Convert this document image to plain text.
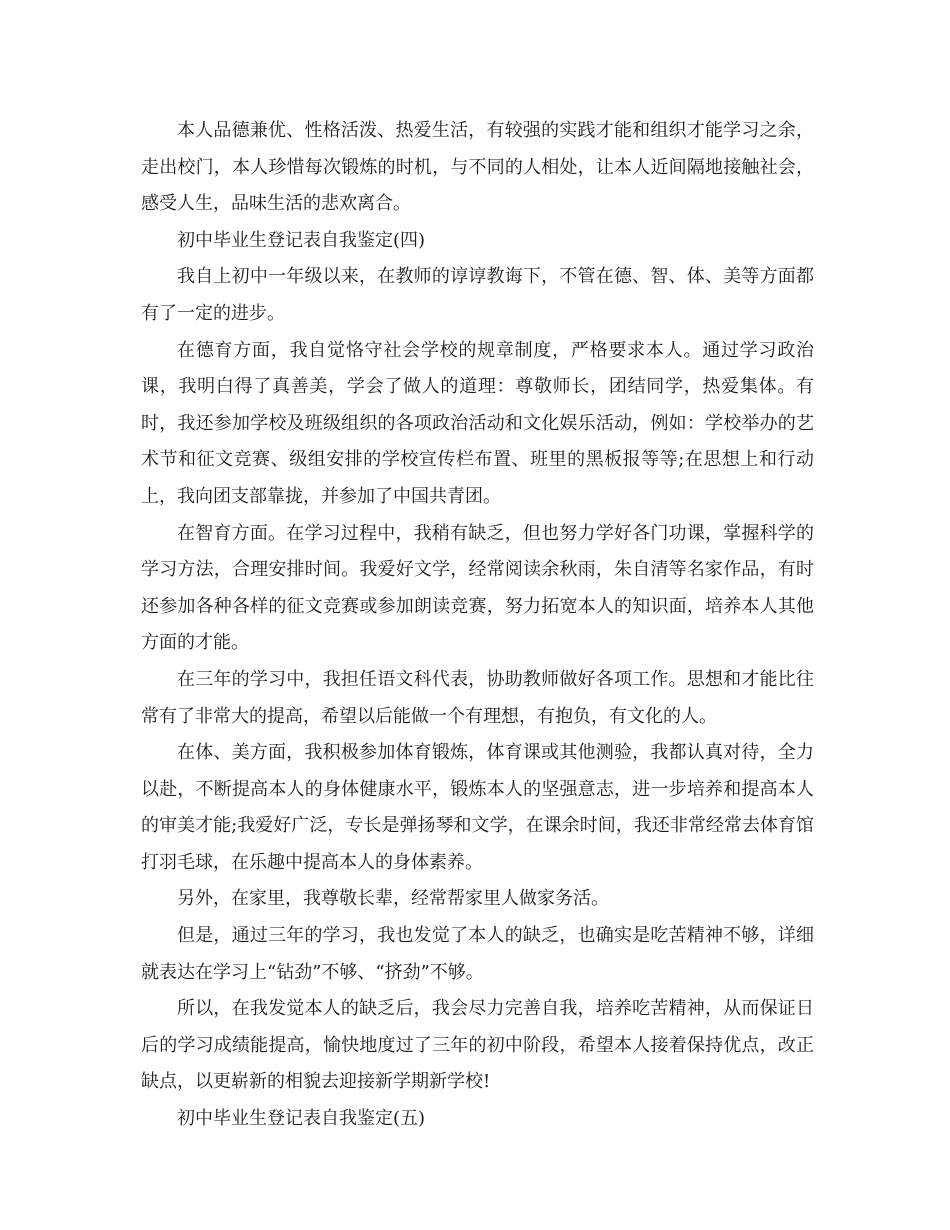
本人品德兼优、性格活泼、热爱生活，有较强的实践才能和组织才能学习之余，走出校门，本人珍惜每次锻炼的时机，与不同的人相处，让本人近间隔地接触社会，感受人生，品味生活的悲欢离合。

初中毕业生登记表自我鉴定(四)

我自上初中一年级以来，在教师的谆谆教诲下，不管在德、智、体、美等方面都有了一定的进步。

在德育方面，我自觉恪守社会学校的规章制度，严格要求本人。通过学习政治课，我明白得了真善美，学会了做人的道理：尊敬师长，团结同学，热爱集体。有时，我还参加学校及班级组织的各项政治活动和文化娱乐活动，例如：学校举办的艺术节和征文竞赛、级组安排的学校宣传栏布置、班里的黑板报等等;在思想上和行动上，我向团支部靠拢，并参加了中国共青团。

在智育方面。在学习过程中，我稍有缺乏，但也努力学好各门功课，掌握科学的学习方法，合理安排时间。我爱好文学，经常阅读余秋雨，朱自清等名家作品，有时还参加各种各样的征文竞赛或参加朗读竞赛，努力拓宽本人的知识面，培养本人其他方面的才能。

在三年的学习中，我担任语文科代表，协助教师做好各项工作。思想和才能比往常有了非常大的提高，希望以后能做一个有理想，有抱负，有文化的人。

在体、美方面，我积极参加体育锻炼，体育课或其他测验，我都认真对待，全力以赴，不断提高本人的身体健康水平，锻炼本人的坚强意志，进一步培养和提高本人的审美才能;我爱好广泛，专长是弹扬琴和文学，在课余时间，我还非常经常去体育馆打羽毛球，在乐趣中提高本人的身体素养。

另外，在家里，我尊敬长辈，经常帮家里人做家务活。

但是，通过三年的学习，我也发觉了本人的缺乏，也确实是吃苦精神不够，详细就表达在学习上“钻劲”不够、“挤劲”不够。

所以，在我发觉本人的缺乏后，我会尽力完善自我，培养吃苦精神，从而保证日后的学习成绩能提高，愉快地度过了三年的初中阶段，希望本人接着保持优点，改正缺点，以更崭新的相貌去迎接新学期新学校!

初中毕业生登记表自我鉴定(五)
